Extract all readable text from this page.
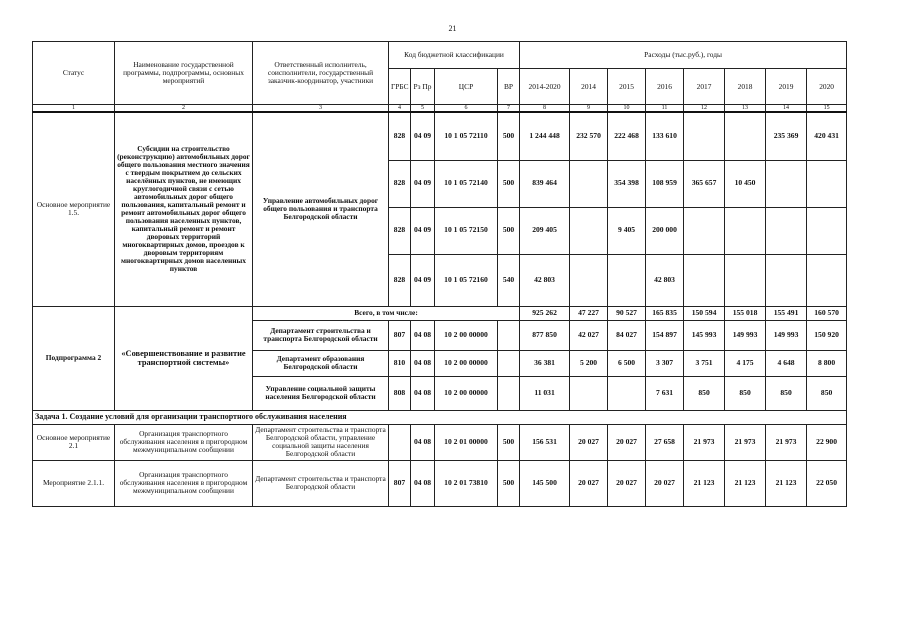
21
Статус	Наименование государственной программы, подпрограммы, основных мероприятий	Ответственный исполнитель, соисполнители, государственный заказчик-координатор, участники	Код бюджетной классификации				Расходы (тыс.руб.), годы							
			ГРБС	Рз Пр	ЦСР	ВР	2014-2020	2014	2015	2016	2017	2018	2019	2020
1	2	3	4	5	6	7	8	9	10	11	12	13	14	15
Основное мероприятие 1.5.	Субсидии на строительство (реконструкцию) автомобильных дорог общего пользования местного значения с твердым покрытием до сельских населённых пунктов, не имеющих круглогодичной связи с сетью автомобильных дорог общего пользования, капитальный ремонт и ремонт автомобильных дорог общего пользования населенных пунктов, капитальный ремонт и ремонт дворовых территорий многоквартирных домов, проездов к дворовым территориям многоквартирных домов населенных пунктов	Управление автомобильных дорог общего пользования и транспорта Белгородской области	828	04 09	10 1 05 72110	500	1 244 448	232 570	222 468	133 610			235 369	420 431
			828	04 09	10 1 05 72140	500	839 464		354 398	108 959	365 657	10 450		
			828	04 09	10 1 05 72150	500	209 405		9 405	200 000				
			828	04 09	10 1 05 72160	540	42 803			42 803				
Подпрограмма 2	«Совершенствование и развитие транспортной системы»	Всего, в том числе:					925 262	47 227	90 527	165 835	150 594	155 018	155 491	160 570
		Департамент строительства и транспорта Белгородской области	807	04 08	10 2 00 00000		877 850	42 027	84 027	154 897	145 993	149 993	149 993	150 920
		Департамент образования Белгородской области	810	04 08	10 2 00 00000		36 381	5 200	6 500	3 307	3 751	4 175	4 648	8 800
		Управление социальной защиты населения Белгородской области	808	04 08	10 2 00 00000		11 031			7 631	850	850	850	850
Задача 1. Создание условий для организации транспортного обслуживания населения														
Основное мероприятие 2.1	Организация транспортного обслуживания населения в пригородном межмуниципальном сообщении	Департамент строительства и транспорта Белгородской области, управление социальной защиты населения Белгородской области		04 08	10 2 01 00000	500	156 531	20 027	20 027	27 658	21 973	21 973	21 973	22 900
Мероприятие 2.1.1.	Организация транспортного обслуживания населения в пригородном межмуниципальном сообщении	Департамент строительства и транспорта Белгородской области	807	04 08	10 2 01 73810	500	145 500	20 027	20 027	20 027	21 123	21 123	21 123	22 050
